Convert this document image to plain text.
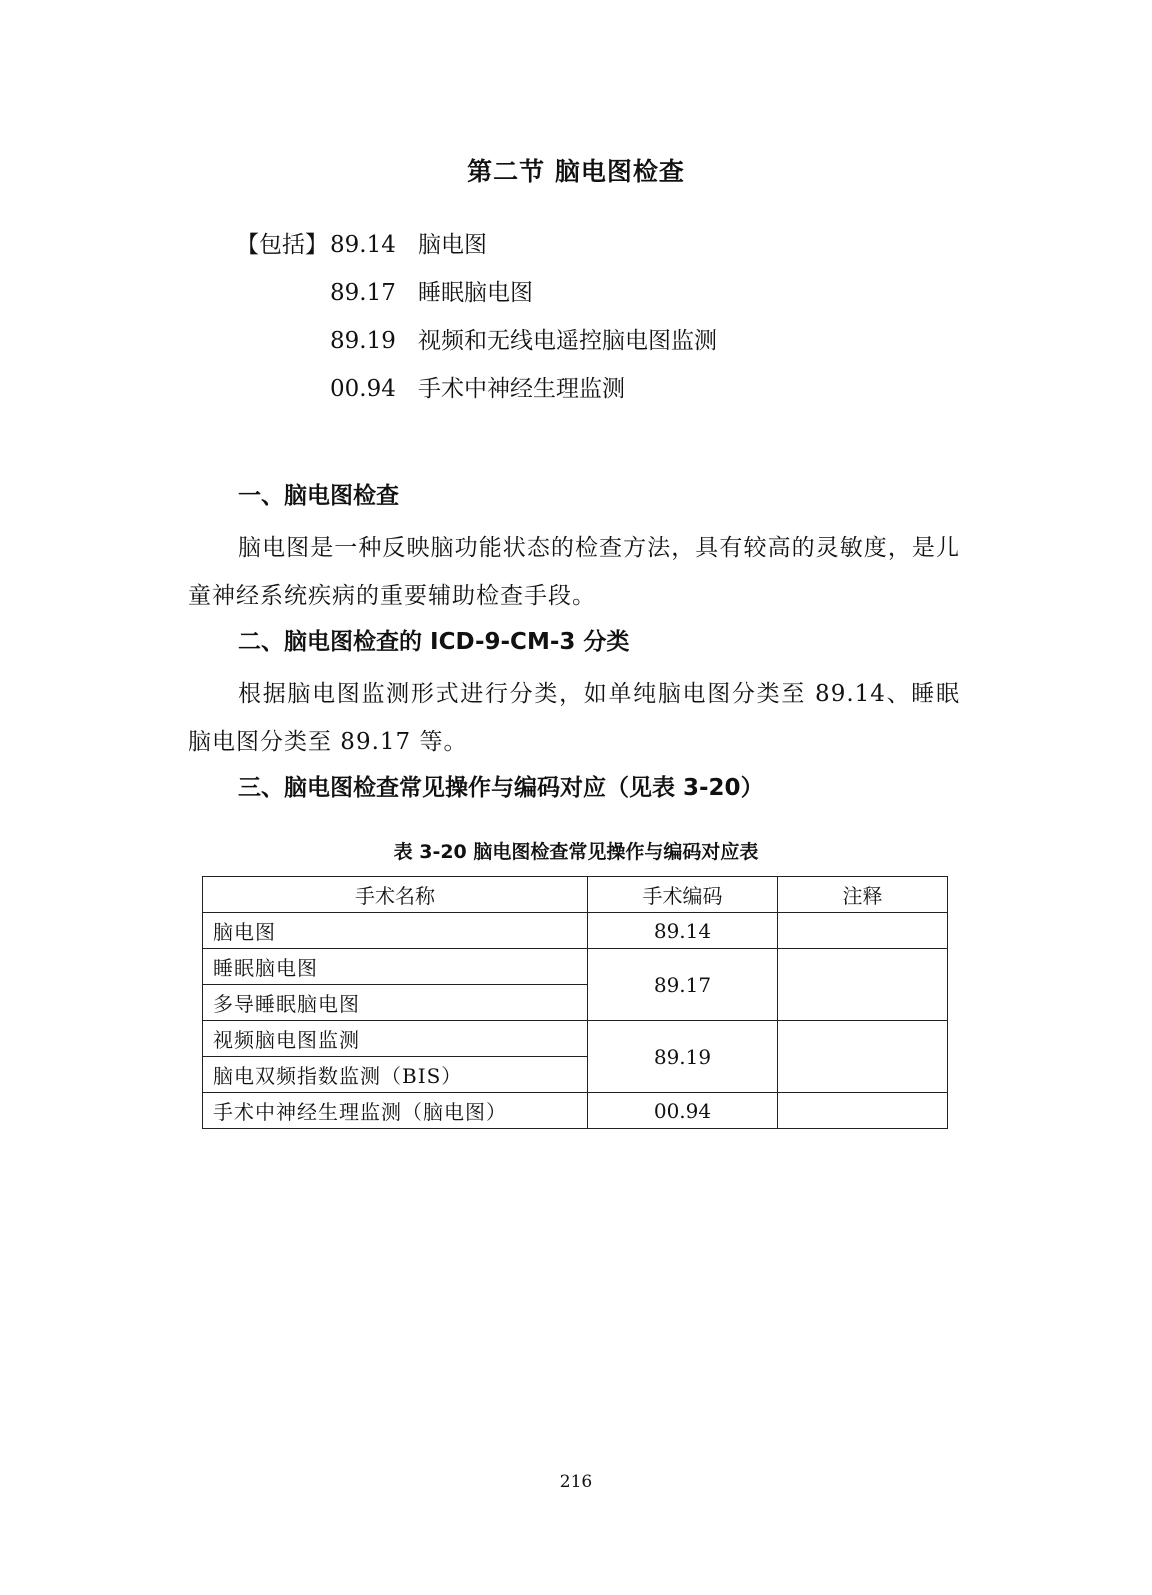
第二节 脑电图检查
【包括】 89.14 脑电图
89.17 睡眠脑电图
89.19 视频和无线电遥控脑电图监测
00.94 手术中神经生理监测
一、脑电图检查
脑电图是一种反映脑功能状态的检查方法，具有较高的灵敏度，是儿童神经系统疾病的重要辅助检查手段。
二、脑电图检查的 ICD-9-CM-3 分类
根据脑电图监测形式进行分类，如单纯脑电图分类至 89.14、睡眠脑电图分类至 89.17 等。
三、脑电图检查常见操作与编码对应（见表 3-20）
表 3-20 脑电图检查常见操作与编码对应表
手术名称	手术编码	注释
脑电图	89.14	
睡眠脑电图	89.17	
多导睡眠脑电图		
视频脑电图监测	89.19	
脑电双频指数监测（BIS）		
手术中神经生理监测（脑电图）	00.94	
216
